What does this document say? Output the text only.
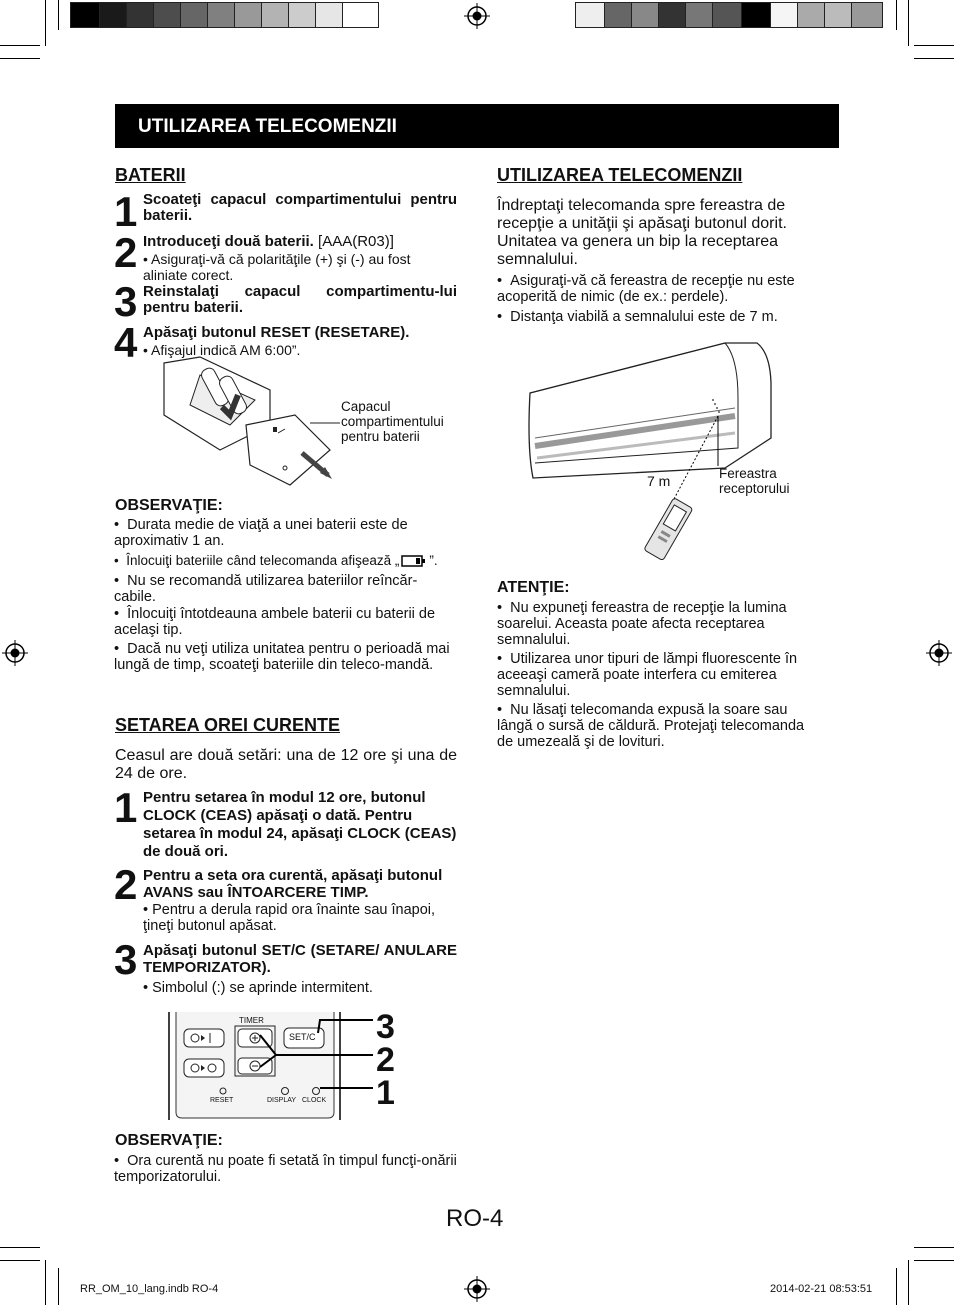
UTILIZAREA TELECOMENZII
BATERII
1 Scoateţi capacul compartimentului pentru baterii.
2 Introduceţi două baterii. [AAA(R03)]
• Asiguraţi-vă că polarităţile (+) şi (-) au fost aliniate corect.
3 Reinstalaţi capacul compartimentu-lui pentru baterii.
4 Apăsaţi butonul RESET (RESETARE).
• Afişajul indică AM 6:00”.
Capacul compartimentului pentru baterii
OBSERVAŢIE:
•  Durata medie de viaţă a unei baterii este de aproximativ 1 an.
•  Înlocuiţi bateriile când telecomanda afişează „ ”.
•  Nu se recomandă utilizarea bateriilor reîncăr-cabile.
•  Înlocuiţi întotdeauna ambele baterii cu baterii de acelaşi tip.
•  Dacă nu veţi utiliza unitatea pentru o perioadă mai lungă de timp, scoateţi bateriile din teleco-mandă.
SETAREA OREI CURENTE
Ceasul are două setări: una de 12 ore şi una de 24 de ore.
1 Pentru setarea în modul 12 ore, butonul CLOCK (CEAS) apăsaţi o dată. Pentru setarea în modul 24, apăsaţi CLOCK (CEAS) de două ori.
2 Pentru a seta ora curentă, apăsaţi butonul AVANS sau ÎNTOARCERE TIMP.
• Pentru a derula rapid ora înainte sau înapoi, ţineţi butonul apăsat.
3 Apăsaţi butonul SET/C (SETARE/ ANULARE TEMPORIZATOR).
• Simbolul (:) se aprinde intermitent.
TIMER
SET/C
RESET	DISPLAY CLOCK
3
2
1
OBSERVAŢIE:
•  Ora curentă nu poate fi setată în timpul funcţi-onării temporizatorului.
UTILIZAREA TELECOMENZII
Îndreptaţi telecomanda spre fereastra de recepţie a unităţii şi apăsaţi butonul dorit. Unitatea va genera un bip la receptarea semnalului.
•  Asiguraţi-vă că fereastra de recepţie nu este acoperită de nimic (de ex.: perdele).
•  Distanţa viabilă a semnalului este de 7 m.
7 m	Fereastra receptorului
ATENŢIE:
•  Nu expuneţi fereastra de recepţie la lumina soarelui. Aceasta poate afecta receptarea semnalului.
•  Utilizarea unor tipuri de lămpi fluorescente în aceeaşi cameră poate interfera cu emiterea semnalului.
•  Nu lăsaţi telecomanda expusă la soare sau lângă o sursă de căldură. Protejaţi telecomanda de umezeală şi de lovituri.
RO-4
RR_OM_10_lang.indb RO-4	2014-02-21 08:53:51
